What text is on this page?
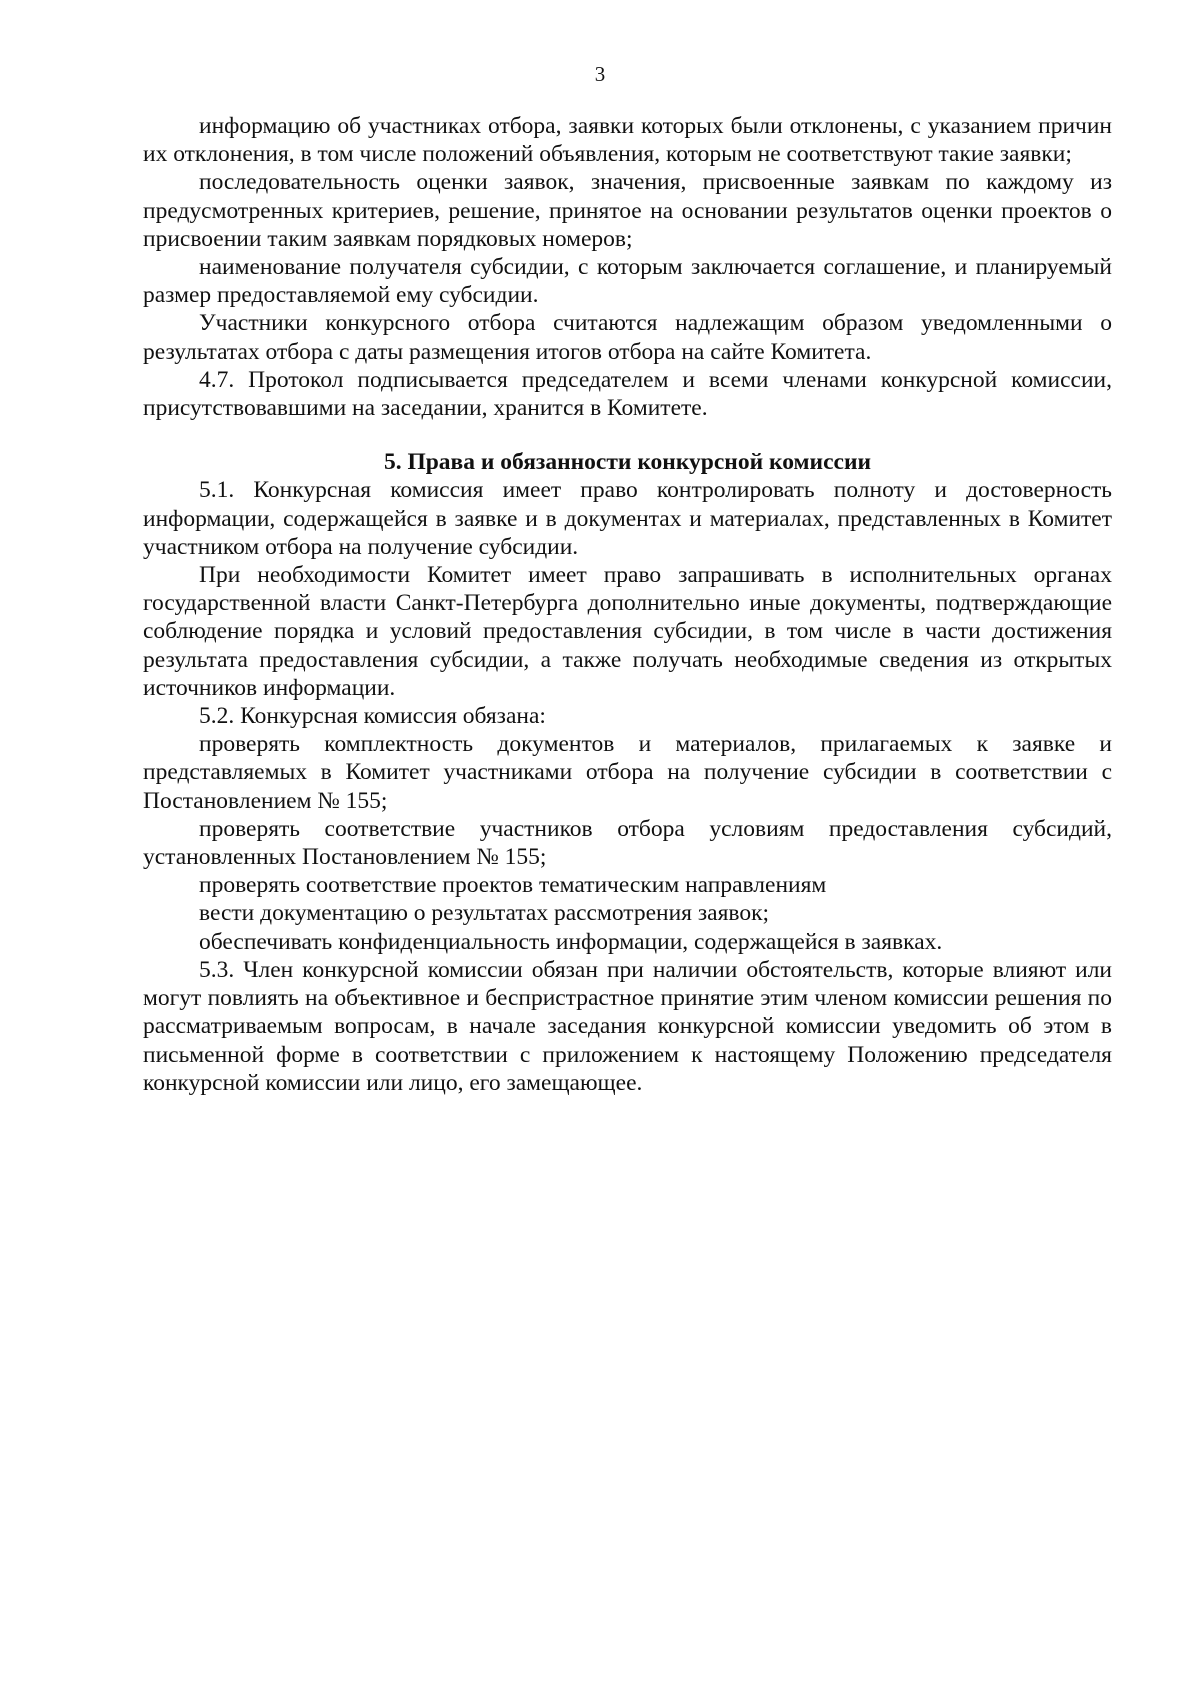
3

информацию об участниках отбора, заявки которых были отклонены, с указанием причин их отклонения, в том числе положений объявления, которым не соответствуют такие заявки;

последовательность оценки заявок, значения, присвоенные заявкам по каждому из предусмотренных критериев, решение, принятое на основании результатов оценки проектов о присвоении таким заявкам порядковых номеров;

наименование получателя субсидии, с которым заключается соглашение, и планируемый размер предоставляемой ему субсидии.

Участники конкурсного отбора считаются надлежащим образом уведомленными о результатах отбора с даты размещения итогов отбора на сайте Комитета.

4.7. Протокол подписывается председателем и всеми членами конкурсной комиссии, присутствовавшими на заседании, хранится в Комитете.

5. Права и обязанности конкурсной комиссии

5.1. Конкурсная комиссия имеет право контролировать полноту и достоверность информации, содержащейся в заявке и в документах и материалах, представленных в Комитет участником отбора на получение субсидии.

При необходимости Комитет имеет право запрашивать в исполнительных органах государственной власти Санкт-Петербурга дополнительно иные документы, подтверждающие соблюдение порядка и условий предоставления субсидии, в том числе в части достижения результата предоставления субсидии, а также получать необходимые сведения из открытых источников информации.

5.2. Конкурсная комиссия обязана:

проверять комплектность документов и материалов, прилагаемых к заявке и представляемых в Комитет участниками отбора на получение субсидии в соответствии с Постановлением № 155;

проверять соответствие участников отбора условиям предоставления субсидий, установленных Постановлением № 155;

проверять соответствие проектов тематическим направлениям

вести документацию о результатах рассмотрения заявок;

обеспечивать конфиденциальность информации, содержащейся в заявках.

5.3. Член конкурсной комиссии обязан при наличии обстоятельств, которые влияют или могут повлиять на объективное и беспристрастное принятие этим членом комиссии решения по рассматриваемым вопросам, в начале заседания конкурсной комиссии уведомить об этом в письменной форме в соответствии с приложением к настоящему Положению председателя конкурсной комиссии или лицо, его замещающее.
